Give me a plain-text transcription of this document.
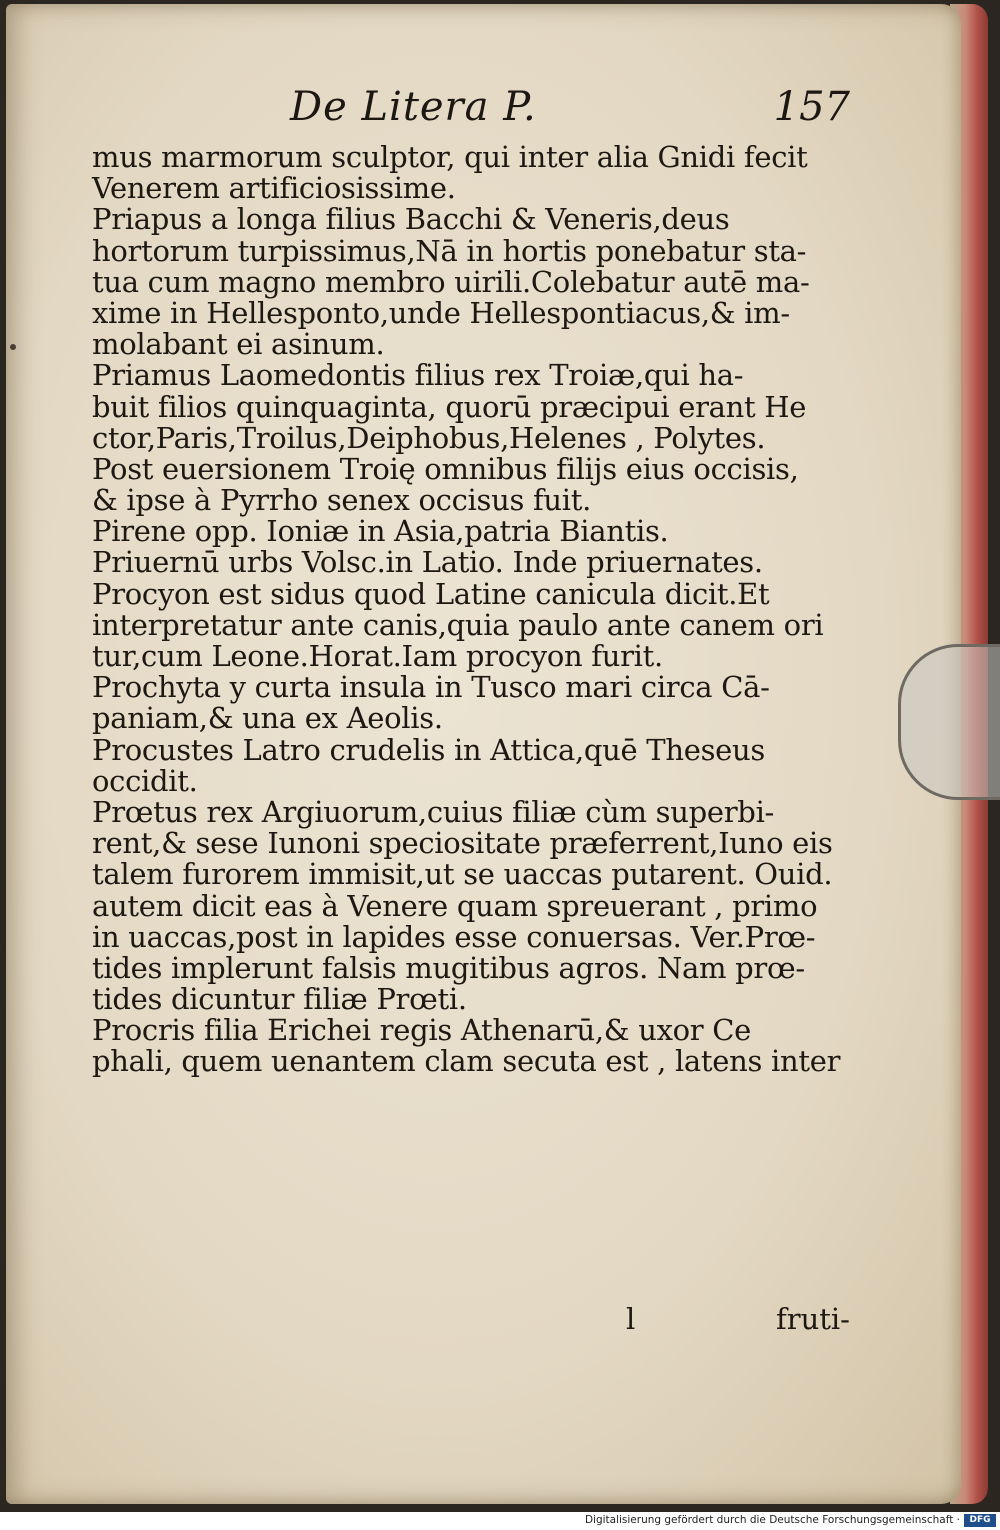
De Litera P.	157
mus marmorum sculptor, qui inter alia Gnidi fecit
Venerem artificiosissime.
Priapus a longa filius Bacchi & Veneris,deus
hortorum turpissimus,Nā in hortis ponebatur sta-
tua cum magno membro uirili.Colebatur autē ma-
xime in Hellesponto,unde Hellespontiacus,& im-
molabant ei asinum.
Priamus Laomedontis filius rex Troiæ,qui ha-
buit filios quinquaginta, quorū præcipui erant He
ctor,Paris,Troilus,Deiphobus,Helenes , Polytes.
Post euersionem Troię omnibus filijs eius occisis,
& ipse à Pyrrho senex occisus fuit.
Pirene opp. Ioniæ in Asia,patria Biantis.
Priuernū urbs Volsc.in Latio. Inde priuernates.
Procyon est sidus quod Latine canicula dicit.Et
interpretatur ante canis,quia paulo ante canem ori
tur,cum Leone.Horat.Iam procyon furit.
Prochyta y curta insula in Tusco mari circa Cā-
paniam,& una ex Aeolis.
Procustes Latro crudelis in Attica,quē Theseus
occidit.
Prœtus rex Argiuorum,cuius filiæ cùm superbi-
rent,& sese Iunoni speciositate præferrent,Iuno eis
talem furorem immisit,ut se uaccas putarent. Ouid.
autem dicit eas à Venere quam spreuerant , primo
in uaccas,post in lapides esse conuersas. Ver.Prœ-
tides implerunt falsis mugitibus agros. Nam prœ-
tides dicuntur filiæ Prœti.
Procris filia Erichei regis Athenarū,& uxor Ce
phali, quem uenantem clam secuta est , latens inter
l	fruti-
Digitalisierung gefördert durch die Deutsche Forschungsgemeinschaft ·	DFG
